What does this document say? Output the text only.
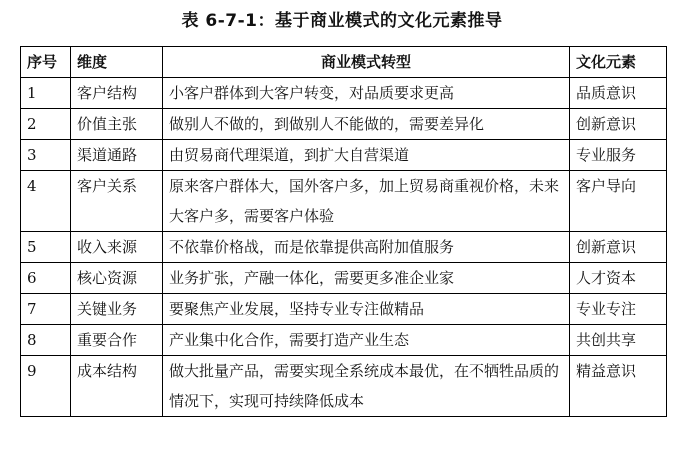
表 6-7-1：基于商业模式的文化元素推导
序号	维度	商业模式转型	文化元素
1	客户结构	小客户群体到大客户转变，对品质要求更高	品质意识
2	价值主张	做别人不做的，到做别人不能做的，需要差异化	创新意识
3	渠道通路	由贸易商代理渠道，到扩大自营渠道	专业服务
4	客户关系	原来客户群体大，国外客户多，加上贸易商重视价格，未来大客户多，需要客户体验	客户导向
5	收入来源	不依靠价格战，而是依靠提供高附加值服务	创新意识
6	核心资源	业务扩张，产融一体化，需要更多准企业家	人才资本
7	关键业务	要聚焦产业发展，坚持专业专注做精品	专业专注
8	重要合作	产业集中化合作，需要打造产业生态	共创共享
9	成本结构	做大批量产品，需要实现全系统成本最优，在不牺牲品质的情况下，实现可持续降低成本	精益意识
